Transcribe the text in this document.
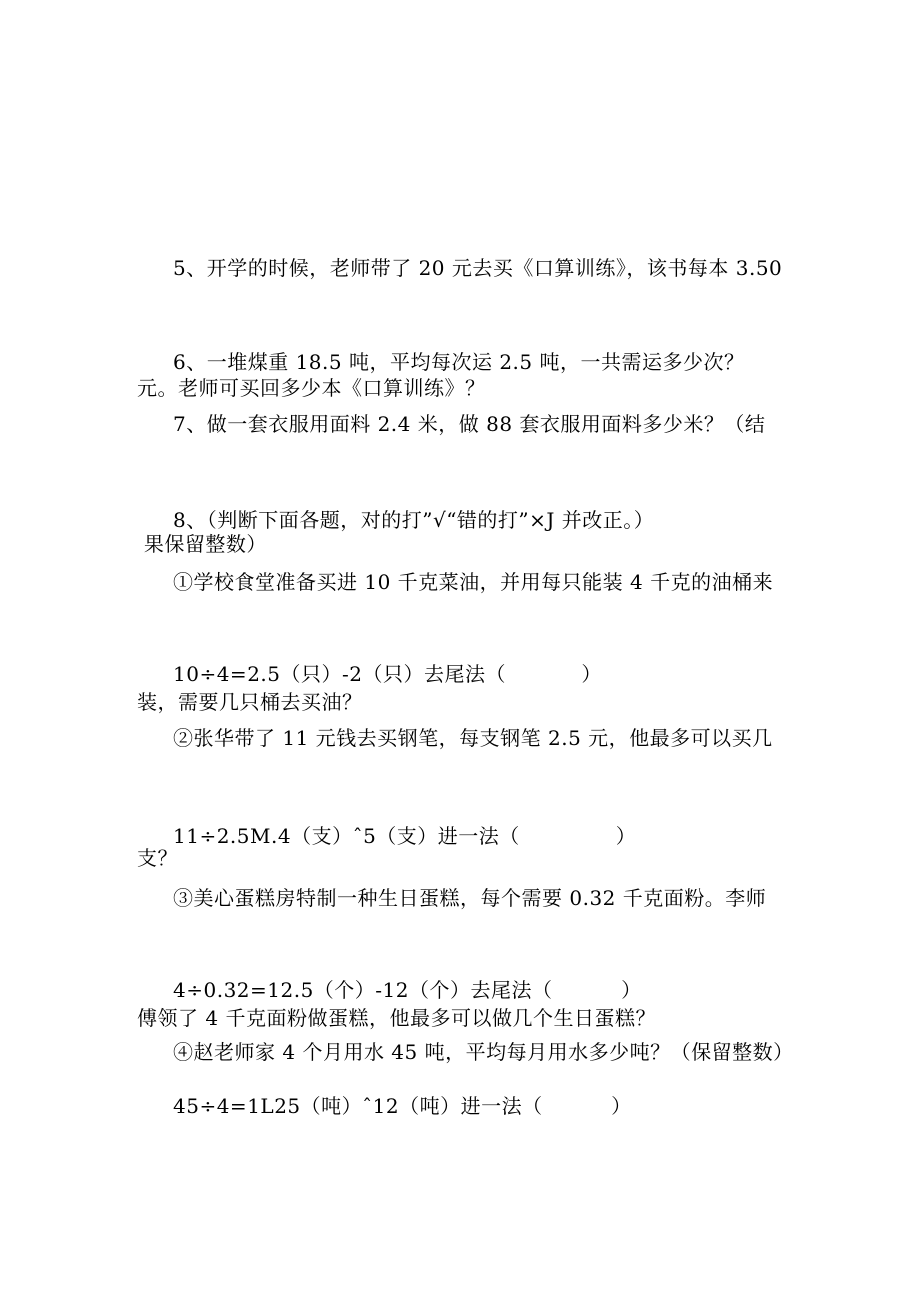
5、开学的时候，老师带了 20 元去买《口算训练》，该书每本 3.50

元。老师可买回多少本《口算训练》？

6、一堆煤重 18.5 吨，平均每次运 2.5 吨，一共需运多少次？

7、做一套衣服用面料 2.4 米，做 88 套衣服用面料多少米？（结

果保留整数）

8、（判断下面各题，对的打”√“错的打”×J 并改正。）

①学校食堂准备买进 10 千克菜油，并用每只能装 4 千克的油桶来

装，需要几只桶去买油？

10÷4=2.5（只）-2（只）去尾法（           ）

②张华带了 11 元钱去买钢笔，每支钢笔 2.5 元，他最多可以买几

支？

11÷2.5M.4（支）ˆ5（支）进一法（              ）

③美心蛋糕房特制一种生日蛋糕，每个需要 0.32 千克面粉。李师

傅领了 4 千克面粉做蛋糕，他最多可以做几个生日蛋糕？

4÷0.32=12.5（个）-12（个）去尾法（          ）

④赵老师家 4 个月用水 45 吨，平均每月用水多少吨？（保留整数）

45÷4=1L25（吨）ˆ12（吨）进一法（          ）
